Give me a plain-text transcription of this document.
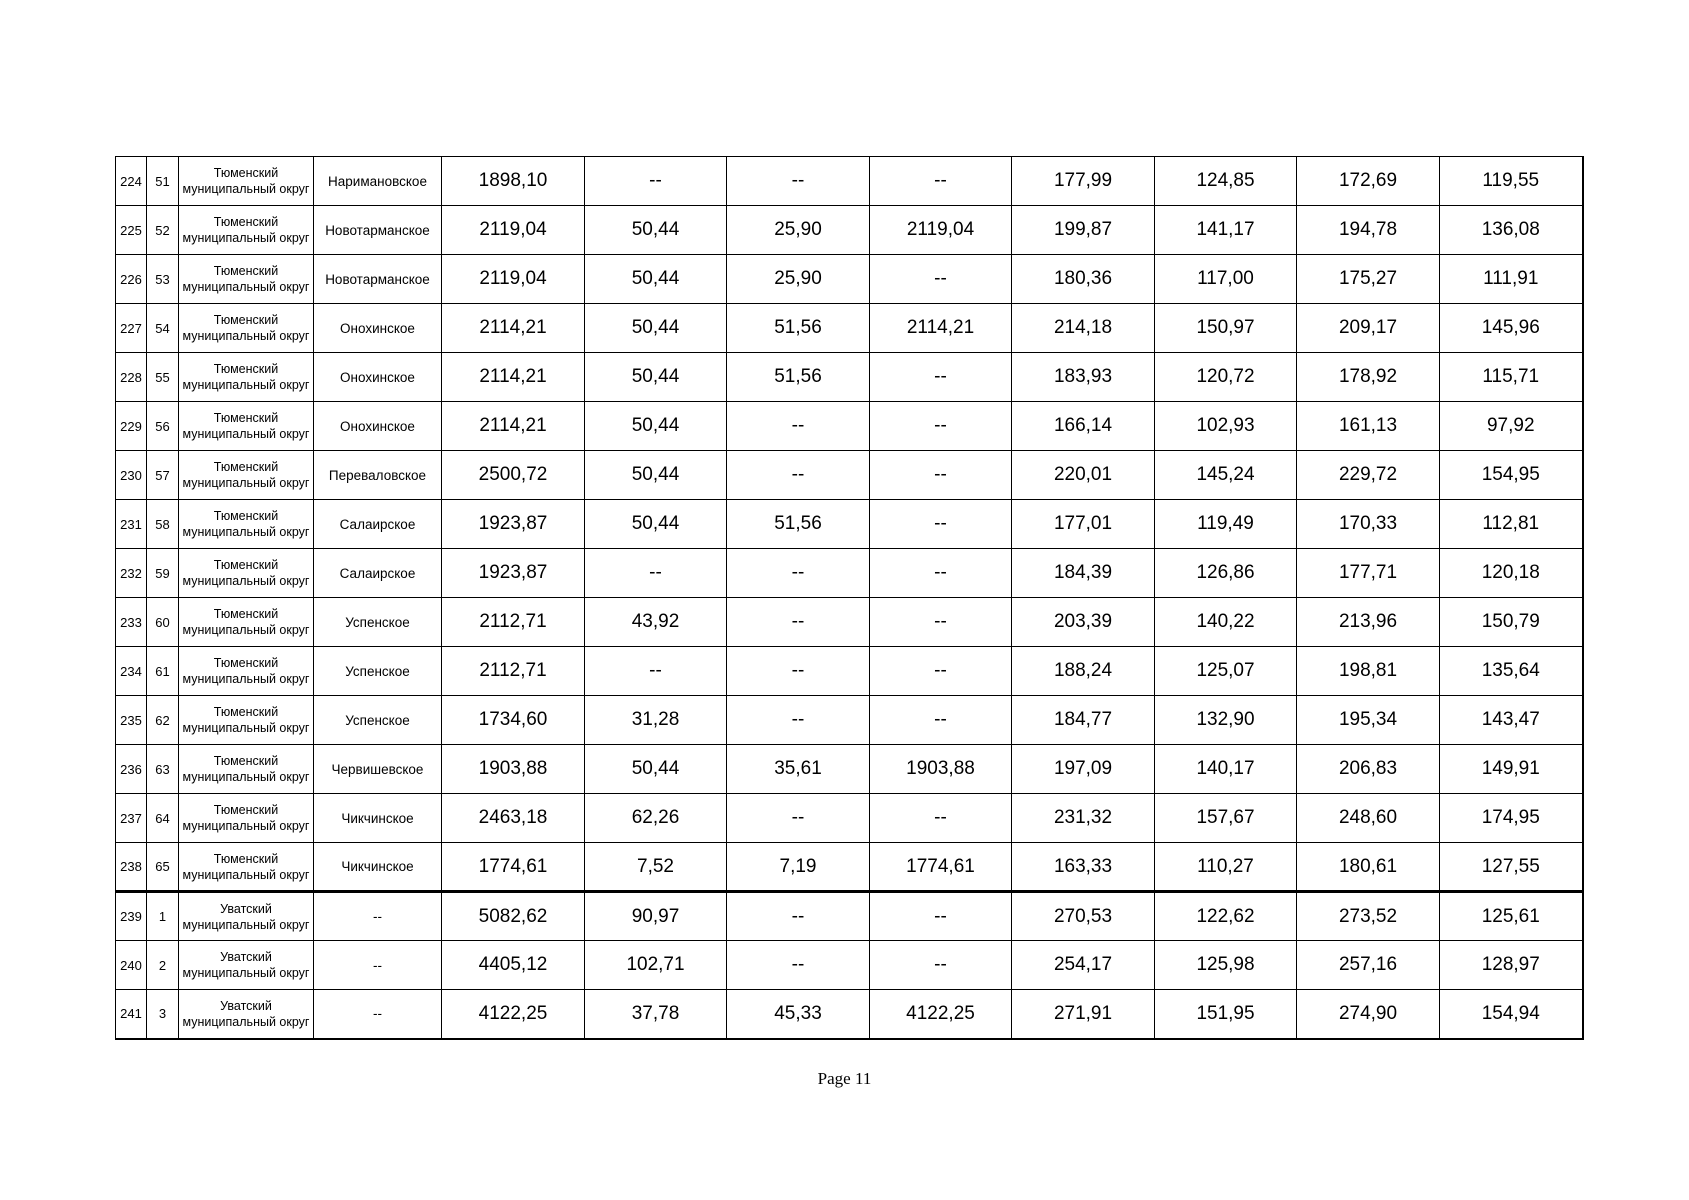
224	51	Тюменский муниципальный округ	Наримановское	1898,10	--	--	--	177,99	124,85	172,69	119,55
225	52	Тюменский муниципальный округ	Новотарманское	2119,04	50,44	25,90	2119,04	199,87	141,17	194,78	136,08
226	53	Тюменский муниципальный округ	Новотарманское	2119,04	50,44	25,90	--	180,36	117,00	175,27	111,91
227	54	Тюменский муниципальный округ	Онохинское	2114,21	50,44	51,56	2114,21	214,18	150,97	209,17	145,96
228	55	Тюменский муниципальный округ	Онохинское	2114,21	50,44	51,56	--	183,93	120,72	178,92	115,71
229	56	Тюменский муниципальный округ	Онохинское	2114,21	50,44	--	--	166,14	102,93	161,13	97,92
230	57	Тюменский муниципальный округ	Переваловское	2500,72	50,44	--	--	220,01	145,24	229,72	154,95
231	58	Тюменский муниципальный округ	Салаирское	1923,87	50,44	51,56	--	177,01	119,49	170,33	112,81
232	59	Тюменский муниципальный округ	Салаирское	1923,87	--	--	--	184,39	126,86	177,71	120,18
233	60	Тюменский муниципальный округ	Успенское	2112,71	43,92	--	--	203,39	140,22	213,96	150,79
234	61	Тюменский муниципальный округ	Успенское	2112,71	--	--	--	188,24	125,07	198,81	135,64
235	62	Тюменский муниципальный округ	Успенское	1734,60	31,28	--	--	184,77	132,90	195,34	143,47
236	63	Тюменский муниципальный округ	Червишевское	1903,88	50,44	35,61	1903,88	197,09	140,17	206,83	149,91
237	64	Тюменский муниципальный округ	Чикчинское	2463,18	62,26	--	--	231,32	157,67	248,60	174,95
238	65	Тюменский муниципальный округ	Чикчинское	1774,61	7,52	7,19	1774,61	163,33	110,27	180,61	127,55
239	1	Уватский муниципальный округ	--	5082,62	90,97	--	--	270,53	122,62	273,52	125,61
240	2	Уватский муниципальный округ	--	4405,12	102,71	--	--	254,17	125,98	257,16	128,97
241	3	Уватский муниципальный округ	--	4122,25	37,78	45,33	4122,25	271,91	151,95	274,90	154,94
Page 11
